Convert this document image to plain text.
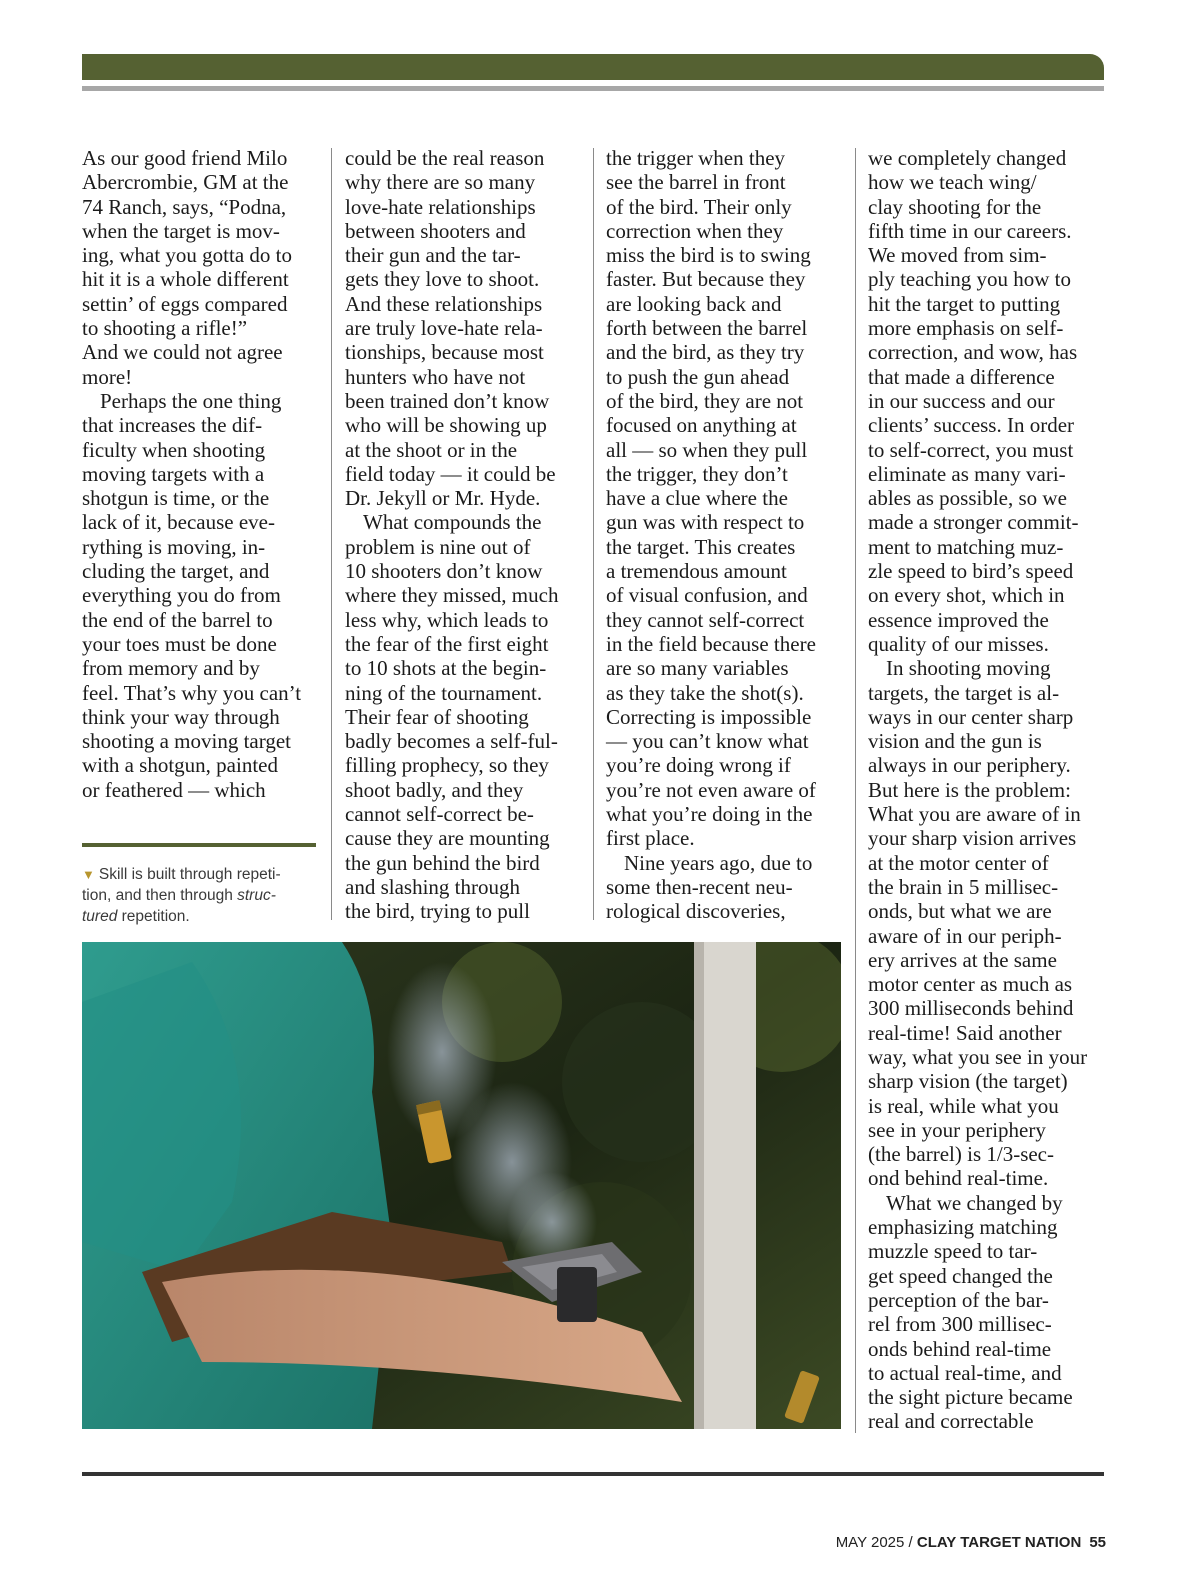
As our good friend Milo
Abercrombie, GM at the
74 Ranch, says, “Podna,
when the target is mov-
ing, what you gotta do to
hit it is a whole different
settin’ of eggs compared
to shooting a rifle!”
And we could not agree
more!

Perhaps the one thing
that increases the dif-
ficulty when shooting
moving targets with a
shotgun is time, or the
lack of it, because eve-
rything is moving, in-
cluding the target, and
everything you do from
the end of the barrel to
your toes must be done
from memory and by
feel. That’s why you can’t
think your way through
shooting a moving target
with a shotgun, painted
or feathered — which

could be the real reason
why there are so many
love-hate relationships
between shooters and
their gun and the tar-
gets they love to shoot.
And these relationships
are truly love-hate rela-
tionships, because most
hunters who have not
been trained don’t know
who will be showing up
at the shoot or in the
field today — it could be
Dr. Jekyll or Mr. Hyde.

What compounds the
problem is nine out of
10 shooters don’t know
where they missed, much
less why, which leads to
the fear of the first eight
to 10 shots at the begin-
ning of the tournament.
Their fear of shooting
badly becomes a self-ful-
filling prophecy, so they
shoot badly, and they
cannot self-correct be-
cause they are mounting
the gun behind the bird
and slashing through
the bird, trying to pull

the trigger when they
see the barrel in front
of the bird. Their only
correction when they
miss the bird is to swing
faster. But because they
are looking back and
forth between the barrel
and the bird, as they try
to push the gun ahead
of the bird, they are not
focused on anything at
all — so when they pull
the trigger, they don’t
have a clue where the
gun was with respect to
the target. This creates
a tremendous amount
of visual confusion, and
they cannot self-correct
in the field because there
are so many variables
as they take the shot(s).
Correcting is impossible
— you can’t know what
you’re doing wrong if
you’re not even aware of
what you’re doing in the
first place.

Nine years ago, due to
some then-recent neu-
rological discoveries,

we completely changed
how we teach wing/
clay shooting for the
fifth time in our careers.
We moved from sim-
ply teaching you how to
hit the target to putting
more emphasis on self-
correction, and wow, has
that made a difference
in our success and our
clients’ success. In order
to self-correct, you must
eliminate as many vari-
ables as possible, so we
made a stronger commit-
ment to matching muz-
zle speed to bird’s speed
on every shot, which in
essence improved the
quality of our misses.

In shooting moving
targets, the target is al-
ways in our center sharp
vision and the gun is
always in our periphery.
But here is the problem:
What you are aware of in
your sharp vision arrives
at the motor center of
the brain in 5 millisec-
onds, but what we are
aware of in our periph-
ery arrives at the same
motor center as much as
300 milliseconds behind
real-time! Said another
way, what you see in your
sharp vision (the target)
is real, while what you
see in your periphery
(the barrel) is 1/3-sec-
ond behind real-time.

What we changed by
emphasizing matching
muzzle speed to tar-
get speed changed the
perception of the bar-
rel from 300 millisec-
onds behind real-time
to actual real-time, and
the sight picture became
real and correctable

▼ Skill is built through repeti-
tion, and then through struc-
tured repetition.
MAY 2025 / CLAY TARGET NATION 55
